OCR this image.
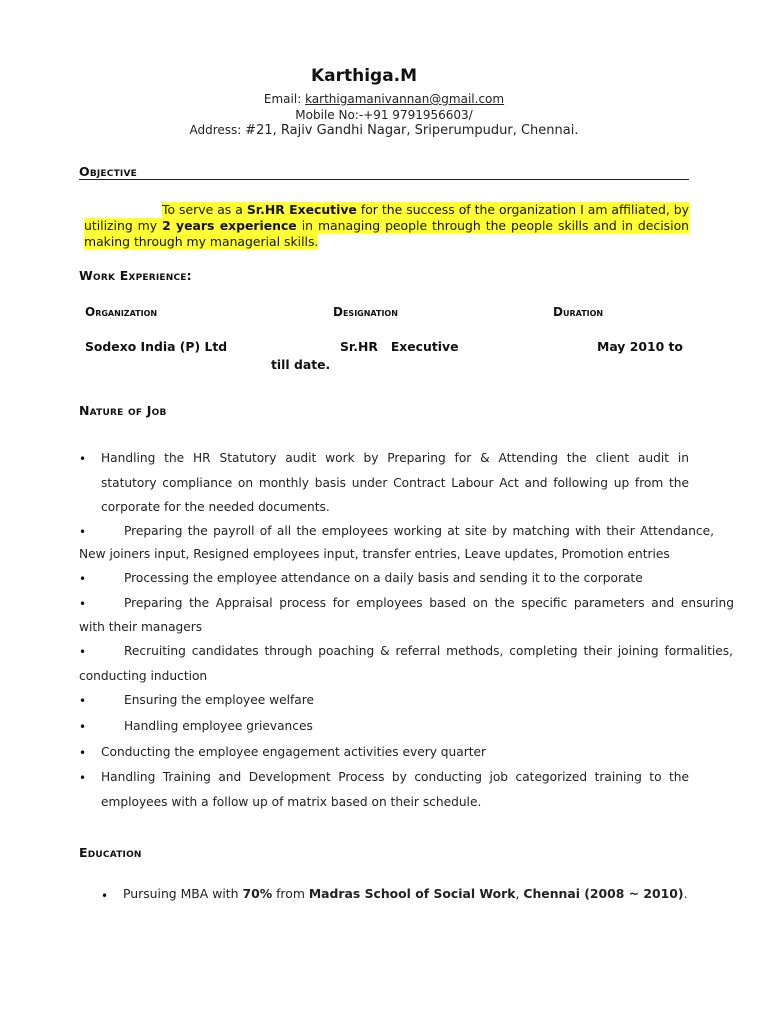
Karthiga.M
Email: karthigamanivannan@gmail.com
Mobile No:-+91 9791956603/
Address: #21, Rajiv Gandhi Nagar, Sriperumpudur, Chennai.
Objective
To serve as a Sr.HR Executive for the success of the organization I am affiliated, by
utilizing my 2 years experience in managing people through the people skills and in decision
making through my managerial skills.
Work Experience:
Organization	Designation	Duration
Sodexo India (P) Ltd	Sr.HR   Executive	May 2010 to
till date.
Nature of Job
• Handling the HR Statutory audit work by Preparing for & Attending the client audit in
statutory compliance on monthly basis under Contract Labour Act and following up from the
corporate for the needed documents.
•	Preparing the payroll of all the employees working at site by matching with their Attendance,
New joiners input, Resigned employees input, transfer entries, Leave updates, Promotion entries
•	Processing the employee attendance on a daily basis and sending it to the corporate
•	Preparing the Appraisal process for employees based on the specific parameters and ensuring
with their managers
•	Recruiting candidates through poaching & referral methods, completing their joining formalities,
conducting induction
•	Ensuring the employee welfare
•	Handling employee grievances
• Conducting the employee engagement activities every quarter
• Handling Training and Development Process by conducting job categorized training to the
employees with a follow up of matrix based on their schedule.
Education
• Pursuing MBA with 70% from Madras School of Social Work, Chennai (2008 ~ 2010).
